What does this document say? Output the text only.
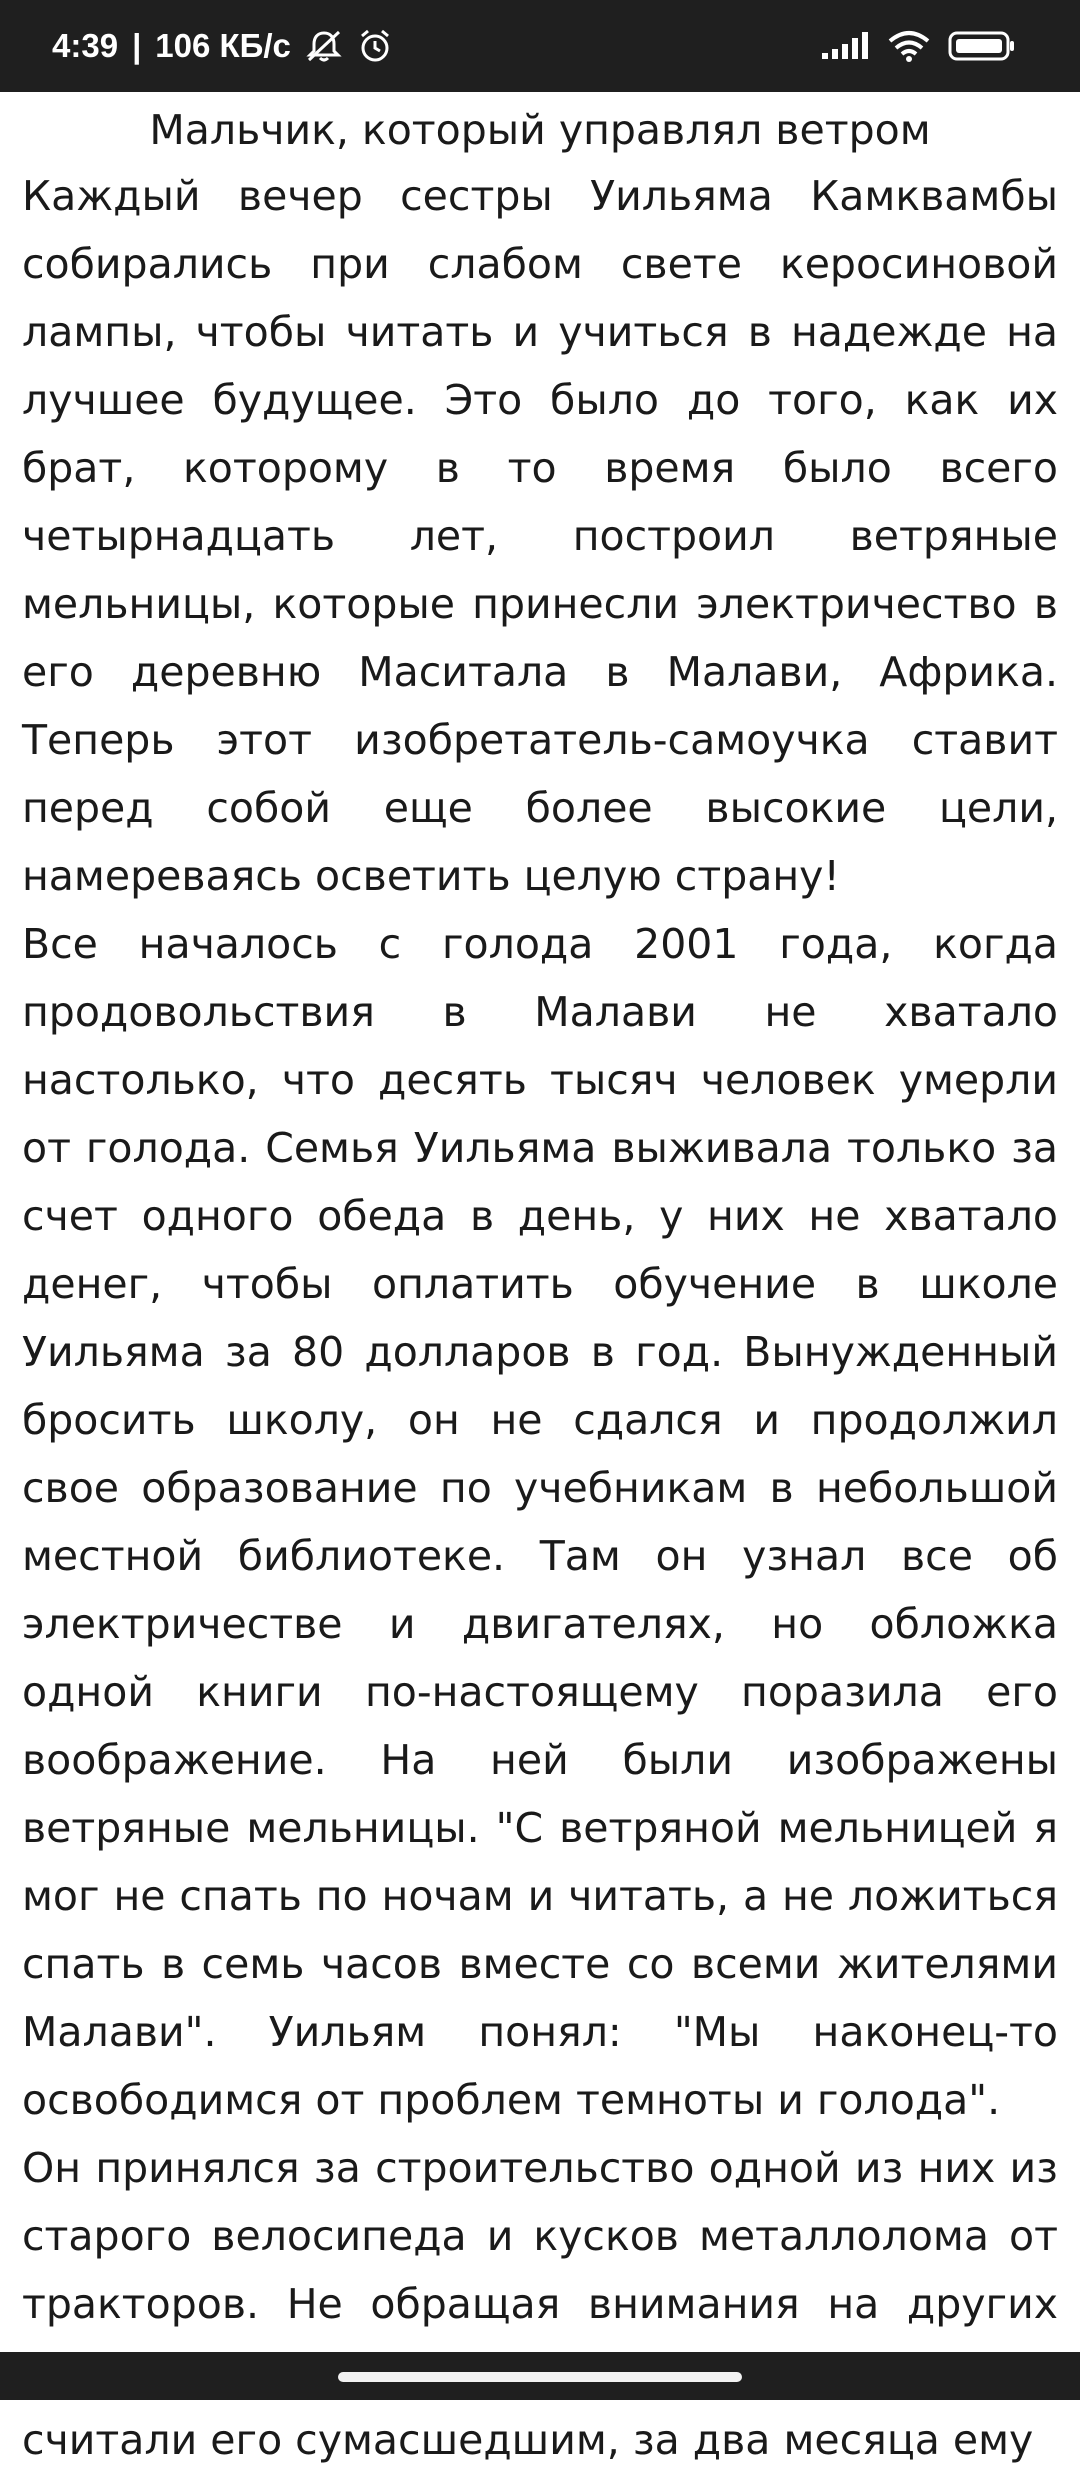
4:39 | 106 КБ/с
Мальчик, который управлял ветром

Каждый вечер сестры Уильяма Камквамбы собирались при слабом свете керосиновой лампы, чтобы читать и учиться в надежде на лучшее будущее. Это было до того, как их брат, которому в то время было всего четырнадцать лет, построил ветряные мельницы, которые принесли электричество в его деревню Маситала в Малави, Африка. Теперь этот изобретатель-самоучка ставит перед собой еще более высокие цели, намереваясь осветить целую страну!

Все началось с голода 2001 года, когда продовольствия в Малави не хватало настолько, что десять тысяч человек умерли от голода. Семья Уильяма выживала только за счет одного обеда в день, у них не хватало денег, чтобы оплатить обучение в школе Уильяма за 80 долларов в год. Вынужденный бросить школу, он не сдался и продолжил свое образование по учебникам в небольшой местной библиотеке. Там он узнал все об электричестве и двигателях, но обложка одной книги по-настоящему поразила его воображение. На ней были изображены ветряные мельницы. "С ветряной мельницей я мог не спать по ночам и читать, а не ложиться спать в семь часов вместе со всеми жителями Малави". Уильям понял: "Мы наконец-то освободимся от проблем темноты и голода".

Он принялся за строительство одной из них из старого велосипеда и кусков металлолома от тракторов. Не обращая внимания на других считали его сумасшедшим, за два месяца ему
